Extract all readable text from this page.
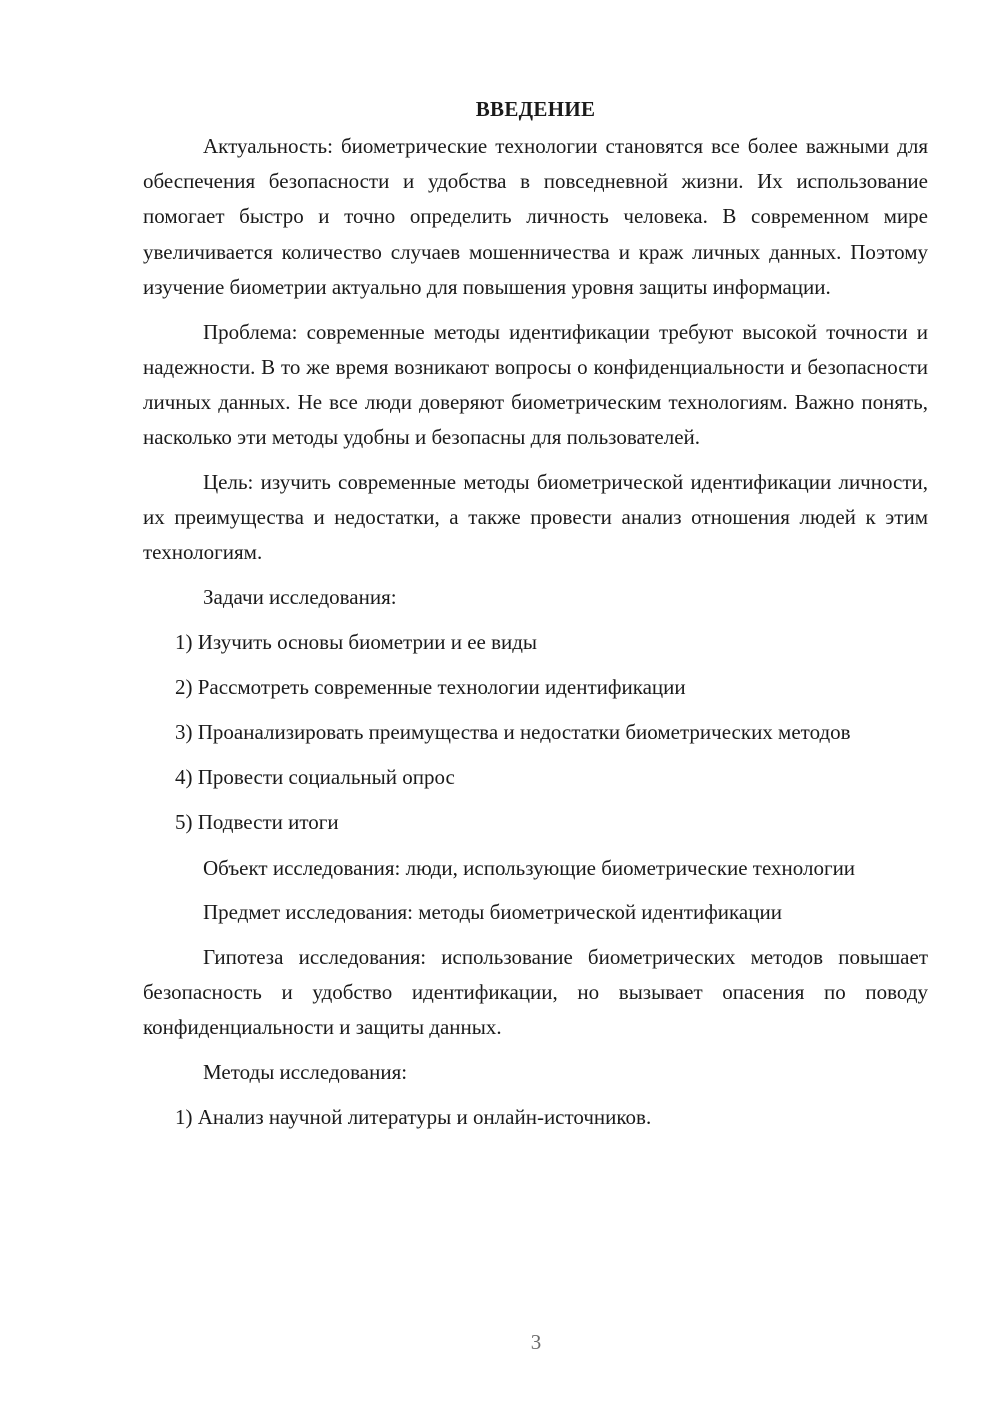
ВВЕДЕНИЕ
Актуальность: биометрические технологии становятся все более важными для обеспечения безопасности и удобства в повседневной жизни. Их использование помогает быстро и точно определить личность человека. В современном мире увеличивается количество случаев мошенничества и краж личных данных. Поэтому изучение биометрии актуально для повышения уровня защиты информации.
Проблема: современные методы идентификации требуют высокой точности и надежности. В то же время возникают вопросы о конфиденциальности и безопасности личных данных. Не все люди доверяют биометрическим технологиям. Важно понять, насколько эти методы удобны и безопасны для пользователей.
Цель: изучить современные методы биометрической идентификации личности, их преимущества и недостатки, а также провести анализ отношения людей к этим технологиям.
Задачи исследования:
1) Изучить основы биометрии и ее виды
2) Рассмотреть современные технологии идентификации
3) Проанализировать преимущества и недостатки биометрических методов
4) Провести социальный опрос
5) Подвести итоги
Объект исследования: люди, использующие биометрические технологии
Предмет исследования: методы биометрической идентификации
Гипотеза исследования: использование биометрических методов повышает безопасность и удобство идентификации, но вызывает опасения по поводу конфиденциальности и защиты данных.
Методы исследования:
1) Анализ научной литературы и онлайн-источников.
3
